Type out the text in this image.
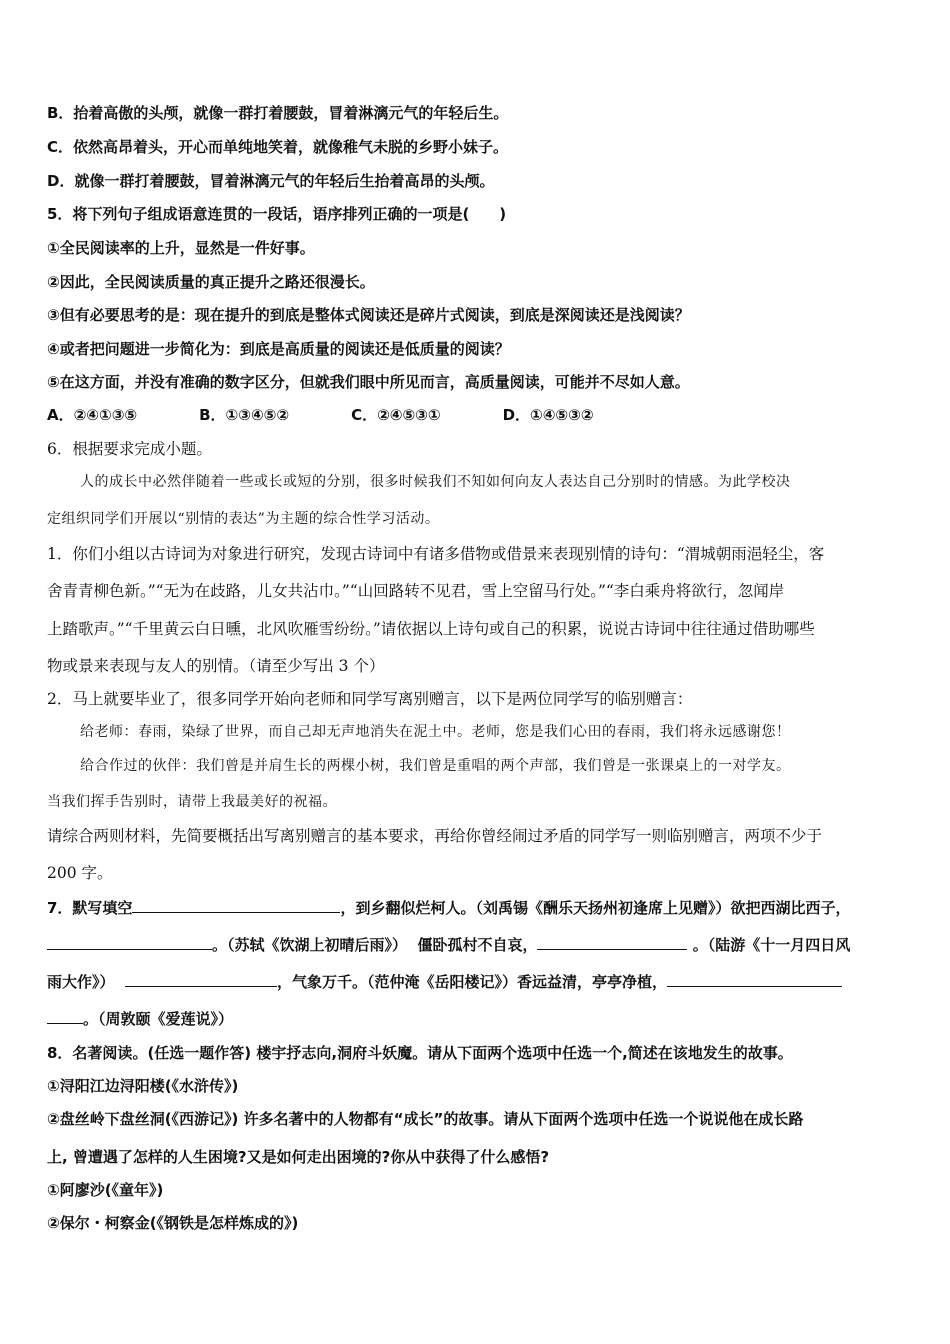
B．抬着高傲的头颅，就像一群打着腰鼓，冒着淋漓元气的年轻后生。
C．依然高昂着头，开心而单纯地笑着，就像稚气未脱的乡野小妹子。
D．就像一群打着腰鼓，冒着淋漓元气的年轻后生抬着高昂的头颅。
5．将下列句子组成语意连贯的一段话，语序排列正确的一项是(　　)
①全民阅读率的上升，显然是一件好事。
②因此，全民阅读质量的真正提升之路还很漫长。
③但有必要思考的是：现在提升的到底是整体式阅读还是碎片式阅读，到底是深阅读还是浅阅读？
④或者把问题进一步简化为：到底是高质量的阅读还是低质量的阅读？
⑤在这方面，并没有准确的数字区分，但就我们眼中所见而言，高质量阅读，可能并不尽如人意。
A．②④①③⑤	B．①③④⑤②	C．②④⑤③①	D．①④⑤③②
6．根据要求完成小题。
人的成长中必然伴随着一些或长或短的分别，很多时候我们不知如何向友人表达自己分别时的情感。为此学校决
定组织同学们开展以“别情的表达”为主题的综合性学习活动。
1．你们小组以古诗词为对象进行研究，发现古诗词中有诸多借物或借景来表现别情的诗句：“渭城朝雨浥轻尘，客
舍青青柳色新。”“无为在歧路，儿女共沾巾。”“山回路转不见君，雪上空留马行处。”“李白乘舟将欲行，忽闻岸
上踏歌声。”“千里黄云白日曛，北风吹雁雪纷纷。”请依据以上诗句或自己的积累，说说古诗词中往往通过借助哪些
物或景来表现与友人的别情。（请至少写出 3 个）
2．马上就要毕业了，很多同学开始向老师和同学写离别赠言，以下是两位同学写的临别赠言：
给老师：春雨，染绿了世界，而自己却无声地消失在泥土中。老师，您是我们心田的春雨，我们将永远感谢您！
给合作过的伙伴：我们曾是并肩生长的两棵小树，我们曾是重唱的两个声部，我们曾是一张课桌上的一对学友。
当我们挥手告别时，请带上我最美好的祝福。
请综合两则材料，先简要概括出写离别赠言的基本要求，再给你曾经闹过矛盾的同学写一则临别赠言，两项不少于
200 字。
7．默写填空	，到乡翻似烂柯人。（刘禹锡《酬乐天扬州初逢席上见赠》）欲把西湖比西子，
。（苏轼《饮湖上初晴后雨》） 僵卧孤村不自哀，	。（陆游《十一月四日风
雨大作》）	，气象万千。（范仲淹《岳阳楼记》）香远益清，亭亭净植，
。（周敦颐《爱莲说》）
8．名著阅读。(任选一题作答) 楼宇抒志向,洞府斗妖魔。请从下面两个选项中任选一个,简述在该地发生的故事。
①浔阳江边浔阳楼(《水浒传》)
②盘丝岭下盘丝洞(《西游记》) 许多名著中的人物都有“成长”的故事。请从下面两个选项中任选一个说说他在成长路
上, 曾遭遇了怎样的人生困境?又是如何走出困境的?你从中获得了什么感悟?
①阿廖沙(《童年》)
②保尔・柯察金(《钢铁是怎样炼成的》)
